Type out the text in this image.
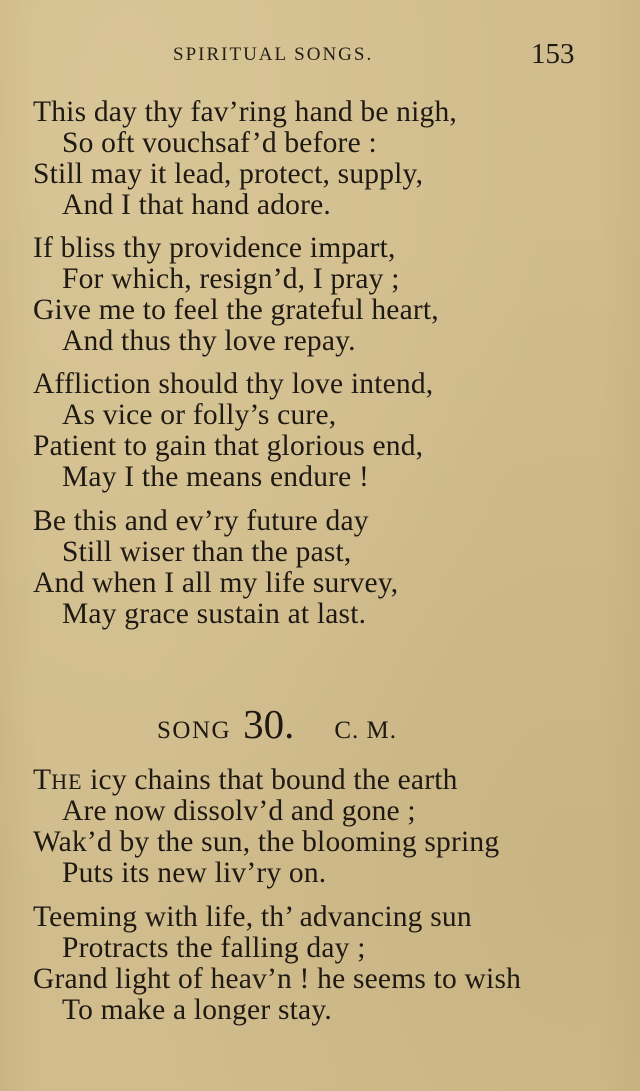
SPIRITUAL SONGS.	153
This day thy fav’ring hand be nigh,
So oft vouchsaf’d before :
Still may it lead, protect, supply,
And I that hand adore.
If bliss thy providence impart,
For which, resign’d, I pray ;
Give me to feel the grateful heart,
And thus thy love repay.
Affliction should thy love intend,
As vice or folly’s cure,
Patient to gain that glorious end,
May I the means endure !
Be this and ev’ry future day
Still wiser than the past,
And when I all my life survey,
May grace sustain at last.
SONG 30. C. M.
THE icy chains that bound the earth
Are now dissolv’d and gone ;
Wak’d by the sun, the blooming spring
Puts its new liv’ry on.
Teeming with life, th’ advancing sun
Protracts the falling day ;
Grand light of heav’n ! he seems to wish
To make a longer stay.
